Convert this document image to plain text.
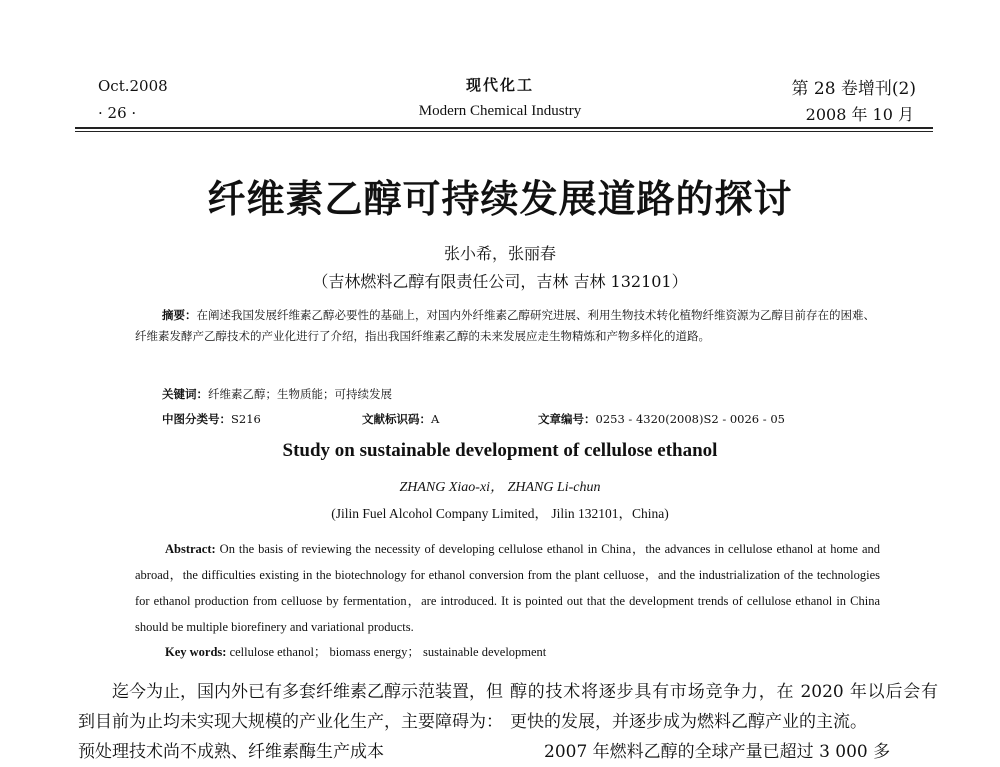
Oct.2008
· 26 ·
现代化工
Modern Chemical Industry
第 28 卷增刊(2)
2008 年 10 月
纤维素乙醇可持续发展道路的探讨
张小希，张丽春
（吉林燃料乙醇有限责任公司，吉林 吉林 132101）
摘要：在阐述我国发展纤维素乙醇必要性的基础上，对国内外纤维素乙醇研究进展、利用生物技术转化植物纤维资源为乙醇目前存在的困难、纤维素发酵产乙醇技术的产业化进行了介绍，指出我国纤维素乙醇的未来发展应走生物精炼和产物多样化的道路。
关键词：纤维素乙醇；生物质能；可持续发展
中图分类号：S216	文献标识码：A	文章编号：0253 - 4320(2008)S2 - 0026 - 05
Study on sustainable development of cellulose ethanol
ZHANG Xiao-xi， ZHANG Li-chun
(Jilin Fuel Alcohol Company Limited， Jilin 132101，China)
Abstract: On the basis of reviewing the necessity of developing cellulose ethanol in China，the advances in cellulose ethanol at home and abroad，the difficulties existing in the biotechnology for ethanol conversion from the plant celluose，and the industrialization of the technologies for ethanol production from celluose by fermentation，are introduced. It is pointed out that the development trends of cellulose ethanol in China should be multiple biorefinery and variational products.
Key words: cellulose ethanol； biomass energy； sustainable development

迄今为止，国内外已有多套纤维素乙醇示范装置，但到目前为止均未实现大规模的产业化生产，主要障碍为：预处理技术尚不成熟、纤维素酶生产成本

醇的技术将逐步具有市场竞争力，在 2020 年以后会有更快的发展，并逐步成为燃料乙醇产业的主流。

2007 年燃料乙醇的全球产量已超过 3 000 多
